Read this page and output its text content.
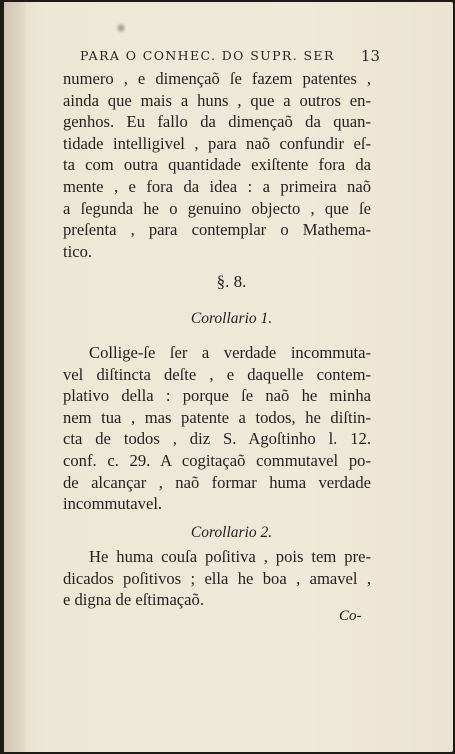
PARA O CONHEC. DO SUPR. SER 13
numero , e dimençaõ ſe fazem patentes ,
ainda que mais a huns , que a outros en-
genhos. Eu fallo da dimençaõ da quan-
tidade intelligivel , para naõ confundir eſ-
ta com outra quantidade exiſtente fora da
mente , e fora da idea : a primeira naõ
a ſegunda he o genuino objecto , que ſe
preſenta , para contemplar o Mathema-
tico.
§. 8.
Corollario 1.
Collige-ſe ſer a verdade incommuta-
vel diſtincta deſte , e daquelle contem-
plativo della : porque ſe naõ he minha
nem tua , mas patente a todos, he diſtin-
cta de todos , diz S. Agoſtinho l. 12.
conf. c. 29. A cogitaçaõ commutavel po-
de alcançar , naõ formar huma verdade
incommutavel.
Corollario 2.
He huma couſa poſitiva , pois tem pre-
dicados poſitivos ; ella he boa , amavel ,
e digna de eſtimaçaõ.
Co-
